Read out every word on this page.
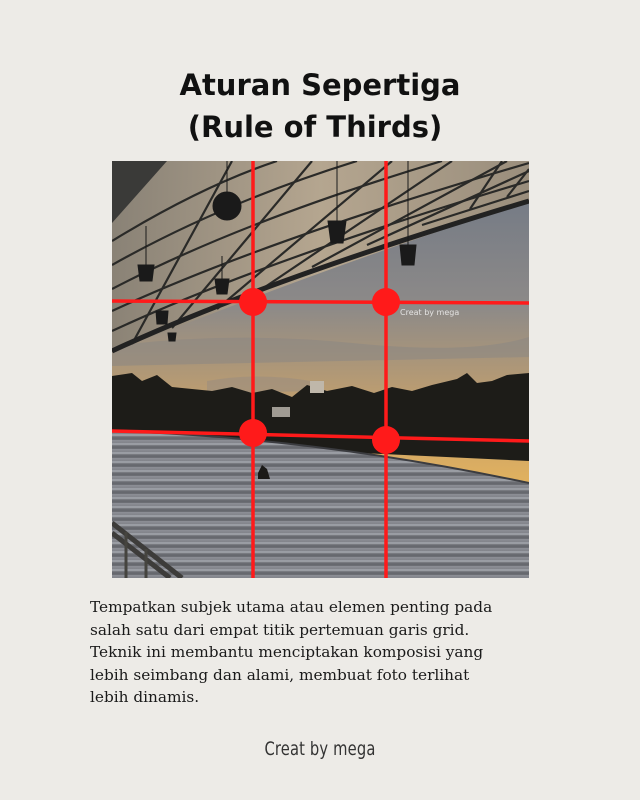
Aturan Sepertiga
(Rule of Thirds)
Creat by mega

Tempatkan subjek utama atau elemen penting pada
salah satu dari empat titik pertemuan garis grid.
Teknik ini membantu menciptakan komposisi yang
lebih seimbang dan alami, membuat foto terlihat
lebih dinamis.

Creat by mega
